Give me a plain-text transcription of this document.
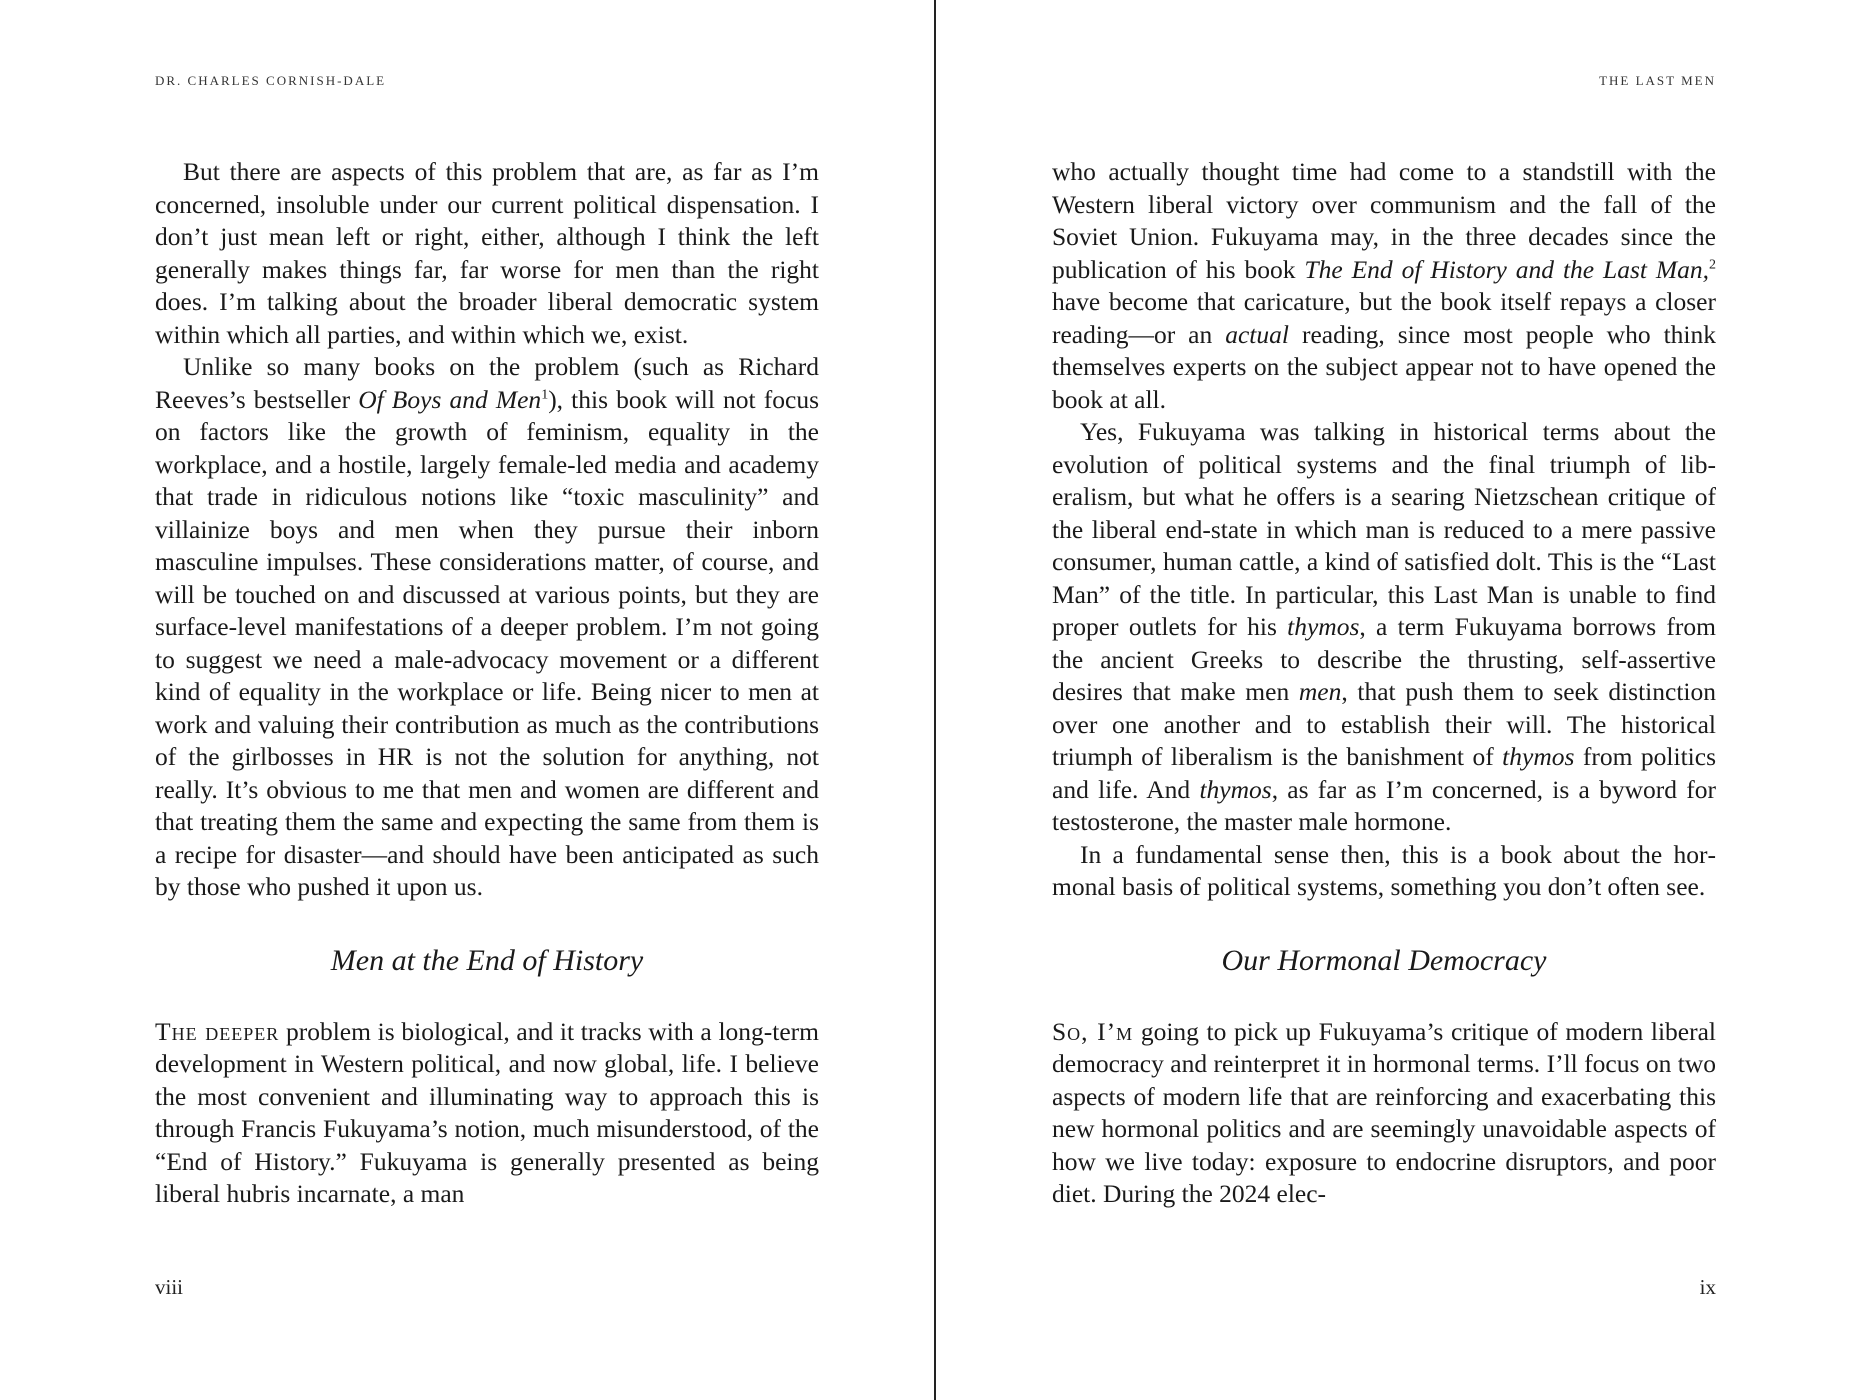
DR. CHARLES CORNISH-DALE

But there are aspects of this problem that are, as far as I’m concerned, insoluble under our current political dispensation. I don’t just mean left or right, either, although I think the left generally makes things far, far worse for men than the right does. I’m talking about the broader liberal democratic system within which all parties, and within which we, exist.

Unlike so many books on the problem (such as Richard Reeves’s bestseller Of Boys and Men$^1$), this book will not focus on factors like the growth of feminism, equality in the workplace, and a hostile, largely female-led media and academy that trade in ridiculous notions like “toxic masculinity” and villainize boys and men when they pursue their inborn masculine impulses. These considerations matter, of course, and will be touched on and discussed at various points, but they are surface-level manifestations of a deeper problem. I’m not going to suggest we need a male-advocacy movement or a different kind of equality in the workplace or life. Being nicer to men at work and valuing their contribution as much as the contributions of the girlbosses in HR is not the solution for anything, not really. It’s obvious to me that men and women are different and that treating them the same and expecting the same from them is a recipe for disaster—and should have been anticipated as such by those who pushed it upon us.

Men at the End of History

The deeper problem is biological, and it tracks with a long-term development in Western political, and now global, life. I believe the most convenient and illuminating way to approach this is through Francis Fukuyama’s notion, much misunderstood, of the “End of History.” Fukuyama is generally presented as being liberal hubris incarnate, a man

viii
THE LAST MEN

who actually thought time had come to a standstill with the Western liberal victory over communism and the fall of the Soviet Union. Fukuyama may, in the three decades since the publication of his book The End of History and the Last Man,$^2$ have become that caricature, but the book itself repays a closer reading—or an actual reading, since most people who think themselves experts on the subject appear not to have opened the book at all.

Yes, Fukuyama was talking in historical terms about the evolution of political systems and the final triumph of liberalism, but what he offers is a searing Nietzschean critique of the liberal end-state in which man is reduced to a mere passive consumer, human cattle, a kind of satisfied dolt. This is the “Last Man” of the title. In particular, this Last Man is unable to find proper outlets for his thymos, a term Fukuyama borrows from the ancient Greeks to describe the thrusting, self-assertive desires that make men men, that push them to seek distinction over one another and to establish their will. The historical triumph of liberalism is the banishment of thymos from politics and life. And thymos, as far as I’m concerned, is a byword for testosterone, the master male hormone.

In a fundamental sense then, this is a book about the hormonal basis of political systems, something you don’t often see.

Our Hormonal Democracy

So, I’m going to pick up Fukuyama’s critique of modern liberal democracy and reinterpret it in hormonal terms. I’ll focus on two aspects of modern life that are reinforcing and exacerbating this new hormonal politics and are seemingly unavoidable aspects of how we live today: exposure to endocrine disruptors, and poor diet. During the 2024 elec-

ix
